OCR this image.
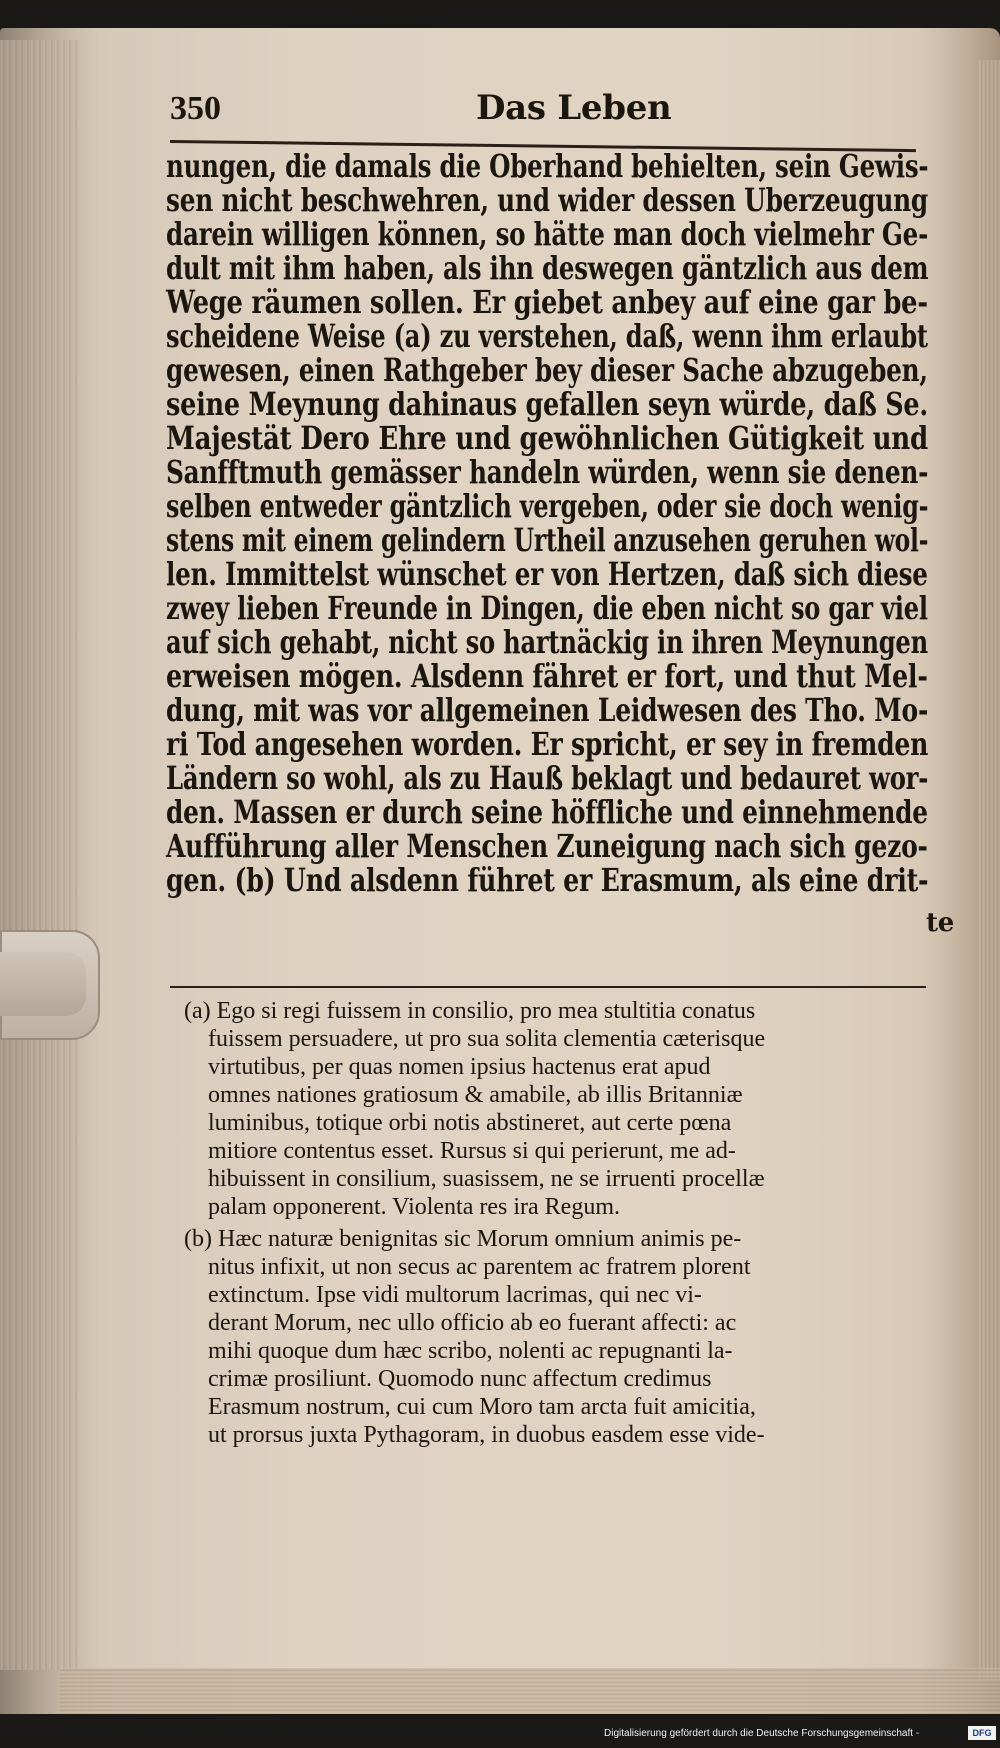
350	Das Leben
nungen, die damals die Oberhand behielten, sein Gewis-
sen nicht beschwehren, und wider dessen Uberzeugung
darein willigen können, so hätte man doch vielmehr Ge-
dult mit ihm haben, als ihn deswegen gäntzlich aus dem
Wege räumen sollen. Er giebet anbey auf eine gar be-
scheidene Weise (a) zu verstehen, daß, wenn ihm erlaubt
gewesen, einen Rathgeber bey dieser Sache abzugeben,
seine Meynung dahinaus gefallen seyn würde, daß Se.
Majestät Dero Ehre und gewöhnlichen Gütigkeit und
Sanfftmuth gemässer handeln würden, wenn sie denen-
selben entweder gäntzlich vergeben, oder sie doch wenig-
stens mit einem gelindern Urtheil anzusehen geruhen wol-
len. Immittelst wünschet er von Hertzen, daß sich diese
zwey lieben Freunde in Dingen, die eben nicht so gar viel
auf sich gehabt, nicht so hartnäckig in ihren Meynungen
erweisen mögen. Alsdenn fähret er fort, und thut Mel-
dung, mit was vor allgemeinen Leidwesen des Tho. Mo-
ri Tod angesehen worden. Er spricht, er sey in fremden
Ländern so wohl, als zu Hauß beklagt und bedauret wor-
den. Massen er durch seine höffliche und einnehmende
Aufführung aller Menschen Zuneigung nach sich gezo-
gen. (b) Und alsdenn führet er Erasmum, als eine drit-
te
(a) Ego si regi fuissem in consilio, pro mea stultitia conatus
fuissem persuadere, ut pro sua solita clementia cæterisque
virtutibus, per quas nomen ipsius hactenus erat apud
omnes nationes gratiosum & amabile, ab illis Britanniæ
luminibus, totique orbi notis abstineret, aut certe pœna
mitiore contentus esset. Rursus si qui perierunt, me ad-
hibuissent in consilium, suasissem, ne se irruenti procellæ
palam opponerent. Violenta res ira Regum.
(b) Hæc naturæ benignitas sic Morum omnium animis pe-
nitus infixit, ut non secus ac parentem ac fratrem plorent
extinctum. Ipse vidi multorum lacrimas, qui nec vi-
derant Morum, nec ullo officio ab eo fuerant affecti: ac
mihi quoque dum hæc scribo, nolenti ac repugnanti la-
crimæ prosiliunt. Quomodo nunc affectum credimus
Erasmum nostrum, cui cum Moro tam arcta fuit amicitia,
ut prorsus juxta Pythagoram, in duobus easdem esse vide-
Digitalisierung gefördert durch die Deutsche Forschungsgemeinschaft -	DFG
